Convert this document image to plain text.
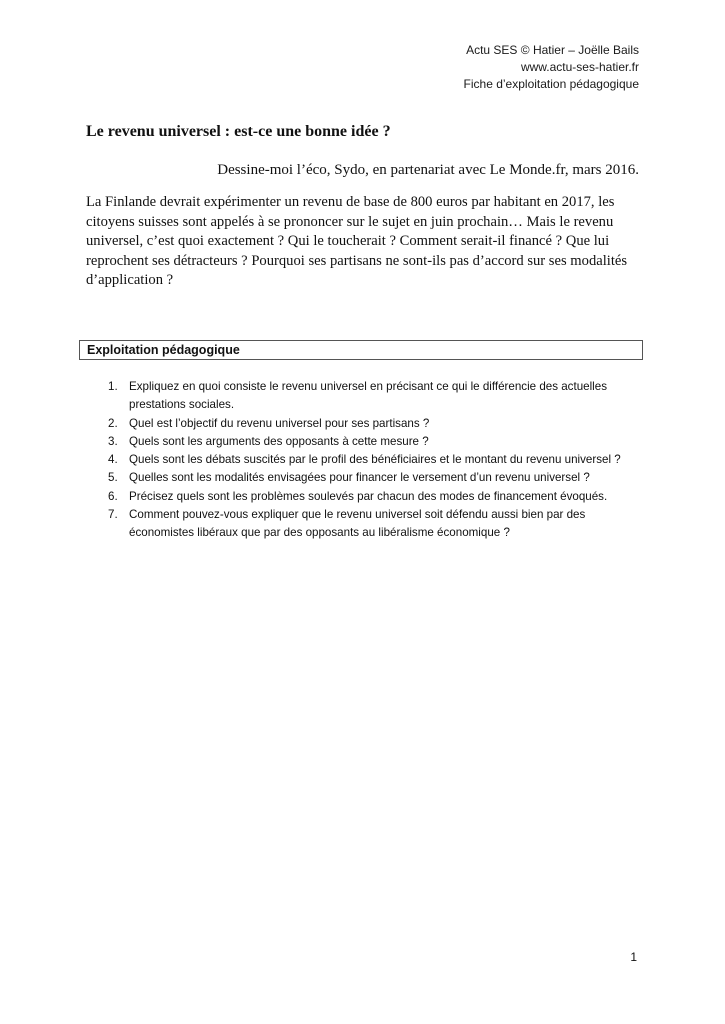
Actu SES © Hatier – Joëlle Bails
www.actu-ses-hatier.fr
Fiche d’exploitation pédagogique
Le revenu universel : est-ce une bonne idée ?
Dessine-moi l’éco, Sydo, en partenariat avec Le Monde.fr, mars 2016.

La Finlande devrait expérimenter un revenu de base de 800 euros par habitant en 2017, les citoyens suisses sont appelés à se prononcer sur le sujet en juin prochain… Mais le revenu universel, c’est quoi exactement ? Qui le toucherait ? Comment serait-il financé ? Que lui reprochent ses détracteurs ? Pourquoi ses partisans ne sont-ils pas d’accord sur ses modalités d’application ?

Exploitation pédagogique
1. Expliquez en quoi consiste le revenu universel en précisant ce qui le différencie des actuelles prestations sociales.
2. Quel est l’objectif du revenu universel pour ses partisans ?
3. Quels sont les arguments des opposants à cette mesure ?
4. Quels sont les débats suscités par le profil des bénéficiaires et le montant du revenu universel ?
5. Quelles sont les modalités envisagées pour financer le versement d’un revenu universel ?
6. Précisez quels sont les problèmes soulevés par chacun des modes de financement évoqués.
7. Comment pouvez-vous expliquer que le revenu universel soit défendu aussi bien par des économistes libéraux que par des opposants au libéralisme économique ?
1
